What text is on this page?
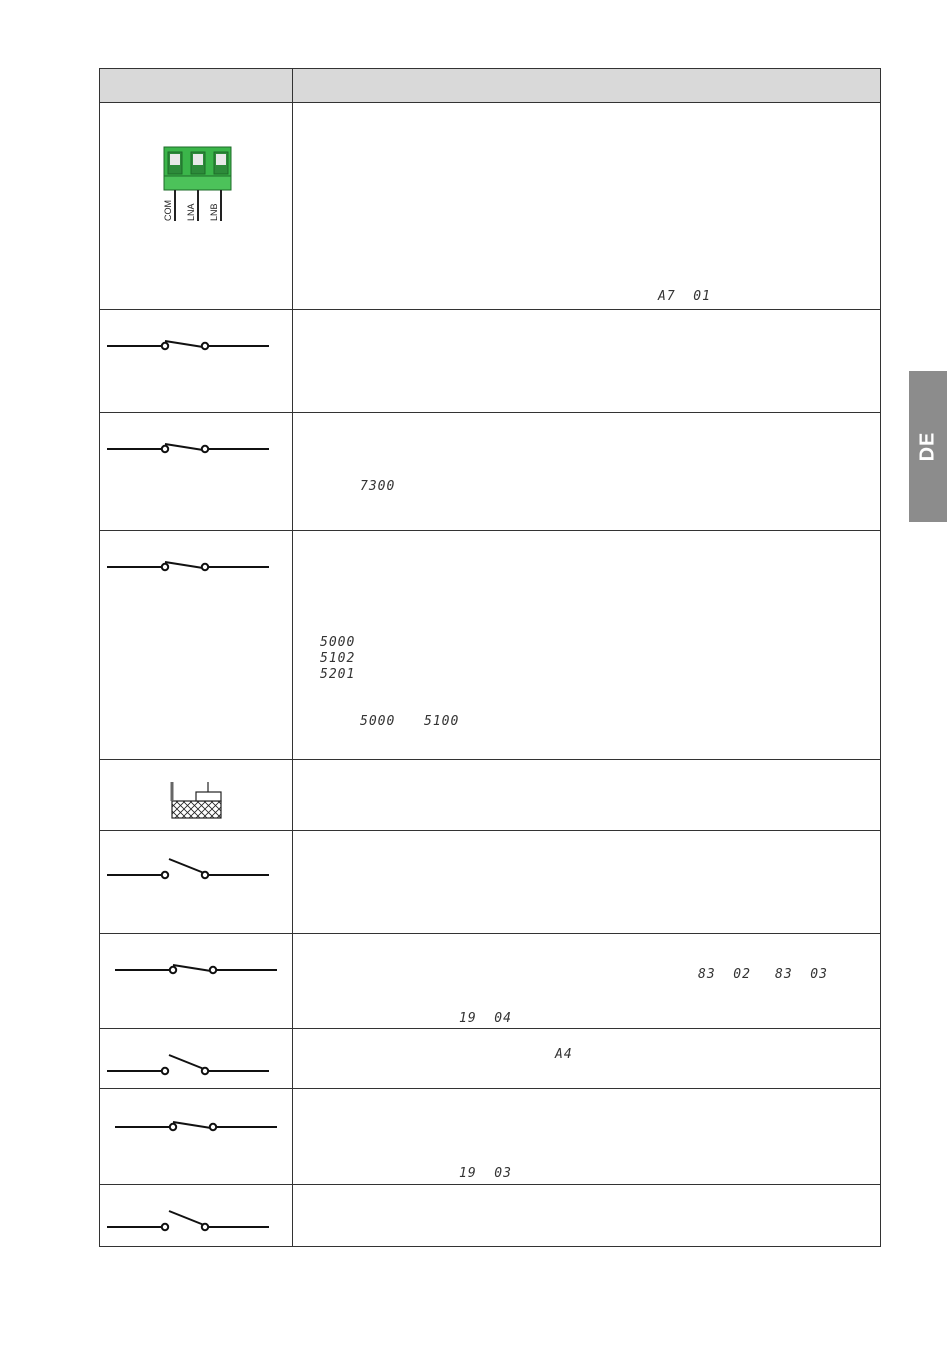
DE
COM LNA LNB
A7  01
7300
5000
5102
5201
5000 5100
83  02 83  03
19  04
A4
19  03
